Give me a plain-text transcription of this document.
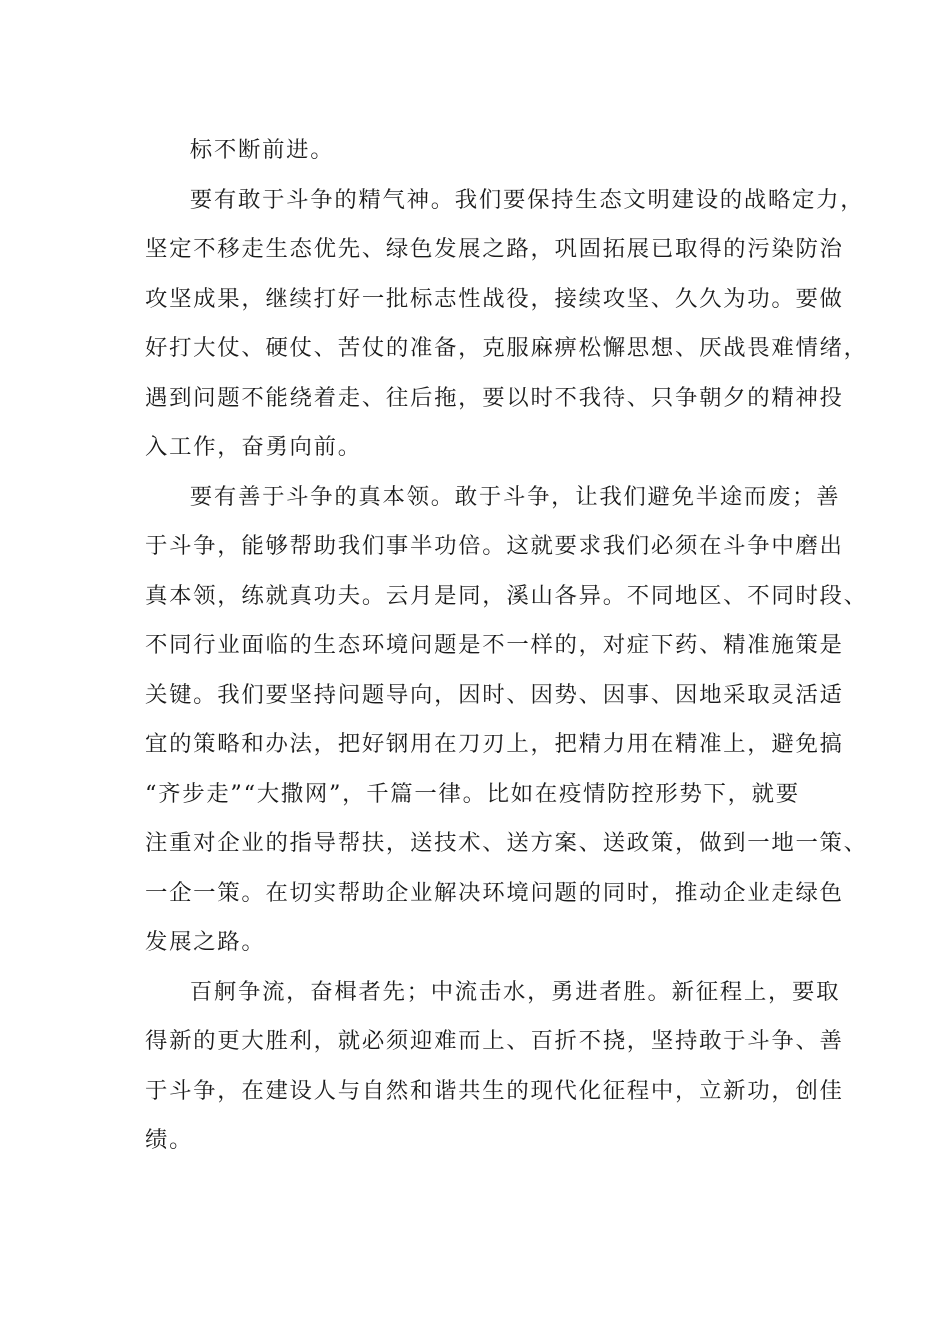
标不断前进。
要有敢于斗争的精气神。我们要保持生态文明建设的战略定力，
坚定不移走生态优先、绿色发展之路，巩固拓展已取得的污染防治
攻坚成果，继续打好一批标志性战役，接续攻坚、久久为功。要做
好打大仗、硬仗、苦仗的准备，克服麻痹松懈思想、厌战畏难情绪，
遇到问题不能绕着走、往后拖，要以时不我待、只争朝夕的精神投
入工作，奋勇向前。
要有善于斗争的真本领。敢于斗争，让我们避免半途而废；善
于斗争，能够帮助我们事半功倍。这就要求我们必须在斗争中磨出
真本领，练就真功夫。云月是同，溪山各异。不同地区、不同时段、
不同行业面临的生态环境问题是不一样的，对症下药、精准施策是
关键。我们要坚持问题导向，因时、因势、因事、因地采取灵活适
宜的策略和办法，把好钢用在刀刃上，把精力用在精准上，避免搞
“齐步走”“大撒网”，千篇一律。比如在疫情防控形势下，就要
注重对企业的指导帮扶，送技术、送方案、送政策，做到一地一策、
一企一策。在切实帮助企业解决环境问题的同时，推动企业走绿色
发展之路。
百舸争流，奋楫者先；中流击水，勇进者胜。新征程上，要取
得新的更大胜利，就必须迎难而上、百折不挠，坚持敢于斗争、善
于斗争，在建设人与自然和谐共生的现代化征程中，立新功，创佳
绩。
